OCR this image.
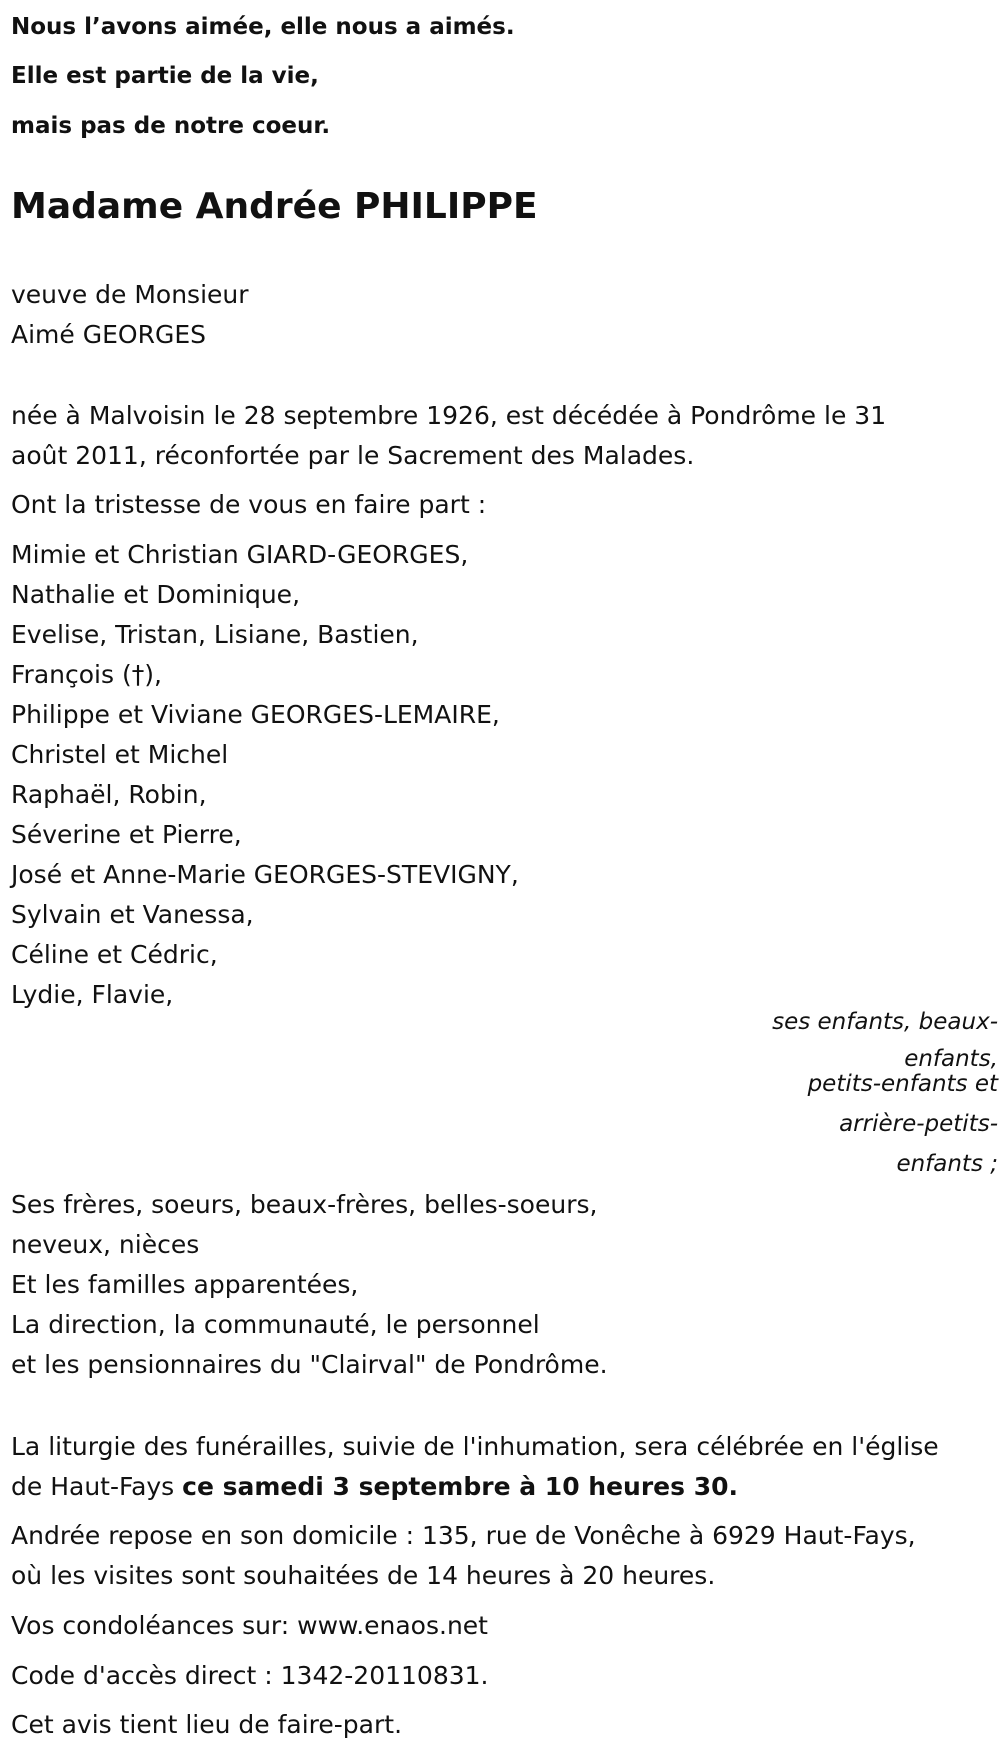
Nous l’avons aimée, elle nous a aimés.
Elle est partie de la vie,
mais pas de notre coeur.
Madame Andrée PHILIPPE
veuve de Monsieur
Aimé GEORGES
née à Malvoisin le 28 septembre 1926, est décédée à Pondrôme le 31
août 2011, réconfortée par le Sacrement des Malades.
Ont la tristesse de vous en faire part :
Mimie et Christian GIARD-GEORGES,
Nathalie et Dominique,
Evelise, Tristan, Lisiane, Bastien,
François (†),
Philippe et Viviane GEORGES-LEMAIRE,
Christel et Michel
Raphaël, Robin,
Séverine et Pierre,
José et Anne-Marie GEORGES-STEVIGNY,
Sylvain et Vanessa,
Céline et Cédric,
Lydie, Flavie,
ses enfants, beaux-
enfants,
petits-enfants et
arrière-petits-
enfants ;
Ses frères, soeurs, beaux-frères, belles-soeurs,
neveux, nièces
Et les familles apparentées,
La direction, la communauté, le personnel
et les pensionnaires du "Clairval" de Pondrôme.
La liturgie des funérailles, suivie de l'inhumation, sera célébrée en l'église
de Haut-Fays ce samedi 3 septembre à 10 heures 30.
Andrée repose en son domicile : 135, rue de Vonêche à 6929 Haut-Fays,
où les visites sont souhaitées de 14 heures à 20 heures.
Vos condoléances sur: www.enaos.net
Code d'accès direct : 1342-20110831.
Cet avis tient lieu de faire-part.
